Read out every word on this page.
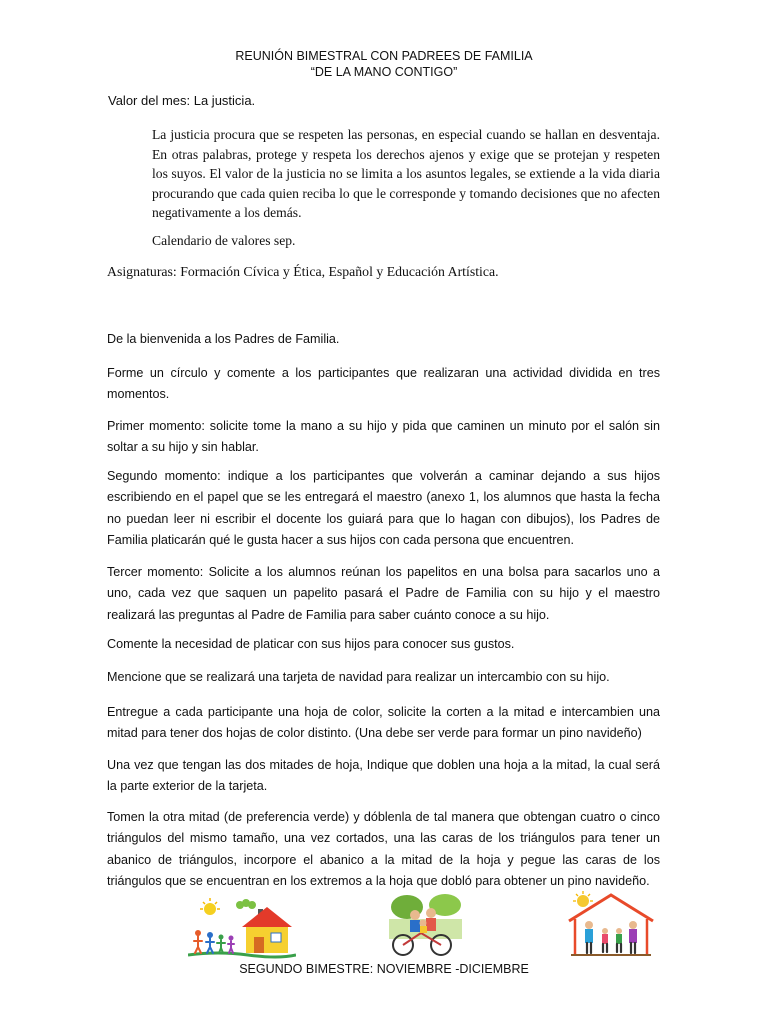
REUNIÓN BIMESTRAL CON PADREES DE FAMILIA
“DE LA MANO CONTIGO”
Valor del mes: La justicia.
La justicia procura que se respeten las personas, en especial cuando se hallan en desventaja. En otras palabras, protege y respeta los derechos ajenos y exige que se protejan y respeten los suyos. El valor de la justicia no se limita a los asuntos legales, se extiende a la vida diaria procurando que cada quien reciba lo que le corresponde y tomando decisiones que no afecten negativamente a los demás.
Calendario de valores sep.
Asignaturas: Formación Cívica y Ética, Español y Educación Artística.

De la bienvenida a los Padres de Familia.

Forme un círculo y comente a los participantes que realizaran una actividad dividida en tres momentos.

Primer momento: solicite tome la mano a su hijo y pida que caminen un minuto por el salón sin soltar a su hijo y sin hablar.

Segundo momento: indique a los participantes que volverán a caminar dejando a sus hijos escribiendo en el papel que se les entregará el maestro (anexo 1, los alumnos que hasta la fecha no puedan leer ni escribir el docente los guiará para que lo hagan con dibujos), los Padres de Familia platicarán qué le gusta hacer a sus hijos con cada persona que encuentren.

Tercer momento: Solicite a los alumnos reúnan los papelitos en una bolsa para sacarlos uno a uno, cada vez que saquen un papelito pasará el Padre de Familia con su hijo y el maestro realizará las preguntas al Padre de Familia para saber cuánto conoce a su hijo.

Comente la necesidad de platicar con sus hijos para conocer sus gustos.

Mencione que se realizará una tarjeta de navidad para realizar un intercambio con su hijo.

Entregue a cada participante una hoja de color, solicite la corten a la mitad e intercambien una mitad para tener dos hojas de color distinto. (Una debe ser verde para formar un pino navideño)

Una vez que tengan las dos mitades de hoja, Indique que doblen una hoja a la mitad, la cual será la parte exterior de la tarjeta.

Tomen la otra mitad (de preferencia verde) y dóblenla de tal manera que obtengan cuatro o cinco triángulos del mismo tamaño, una vez cortados, una las caras de los triángulos para tener un abanico de triángulos, incorpore el abanico a la mitad de la hoja y pegue las caras de los triángulos que se encuentran en los extremos a la hoja que dobló para obtener un pino navideño.

SEGUNDO BIMESTRE: NOVIEMBRE -DICIEMBRE
